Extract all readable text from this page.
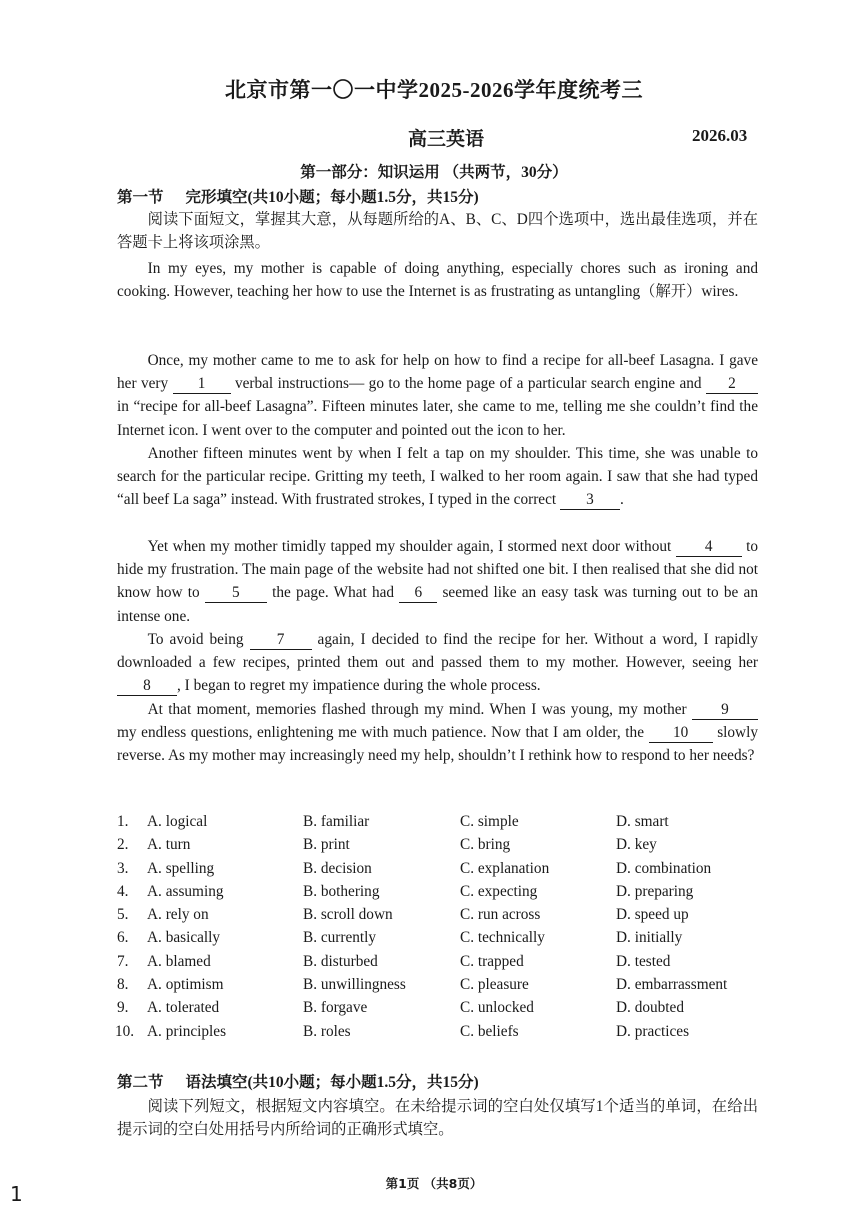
北京市第一〇一中学2025-2026学年度统考三
高三英语	2026.03
第一部分：知识运用 （共两节，30分）
第一节 完形填空(共10小题；每小题1.5分，共15分)

阅读下面短文，掌握其大意，从每题所给的A、B、C、D四个选项中，选出最佳选项，并在答题卡上将该项涂黑。

In my eyes, my mother is capable of doing anything, especially chores such as ironing and cooking. However, teaching her how to use the Internet is as frustrating as untangling（解开）wires.

Once, my mother came to me to ask for help on how to find a recipe for all-beef Lasagna. I gave her very 1 verbal instructions— go to the home page of a particular search engine and 2 in “recipe for all-beef Lasagna”. Fifteen minutes later, she came to me, telling me she couldn’t find the Internet icon. I went over to the computer and pointed out the icon to her.

Another fifteen minutes went by when I felt a tap on my shoulder. This time, she was unable to search for the particular recipe. Gritting my teeth, I walked to her room again. I saw that she had typed “all beef La saga” instead. With frustrated strokes, I typed in the correct 3 .

Yet when my mother timidly tapped my shoulder again, I stormed next door without 4 to hide my frustration. The main page of the website had not shifted one bit. I then realised that she did not know how to 5 the page. What had 6 seemed like an easy task was turning out to be an intense one.

To avoid being 7 again, I decided to find the recipe for her. Without a word, I rapidly downloaded a few recipes, printed them out and passed them to my mother. However, seeing her 8 , I began to regret my impatience during the whole process.

At that moment, memories flashed through my mind. When I was young, my mother 9 my endless questions, enlightening me with much patience. Now that I am older, the 10 slowly reverse. As my mother may increasingly need my help, shouldn’t I rethink how to respond to her needs?

1. A. logical	B. familiar	C. simple	D. smart
2. A. turn	B. print	C. bring	D. key
3. A. spelling	B. decision	C. explanation	D. combination
4. A. assuming	B. bothering	C. expecting	D. preparing
5. A. rely on	B. scroll down	C. run across	D. speed up
6. A. basically	B. currently	C. technically	D. initially
7. A. blamed	B. disturbed	C. trapped	D. tested
8. A. optimism	B. unwillingness	C. pleasure	D. embarrassment
9. A. tolerated	B. forgave	C. unlocked	D. doubted
10. A. principles	B. roles	C. beliefs	D. practices
第二节 语法填空(共10小题；每小题1.5分，共15分)

阅读下列短文，根据短文内容填空。在未给提示词的空白处仅填写1个适当的单词，在给出提示词的空白处用括号内所给词的正确形式填空。

第1页 （共8页）
1
